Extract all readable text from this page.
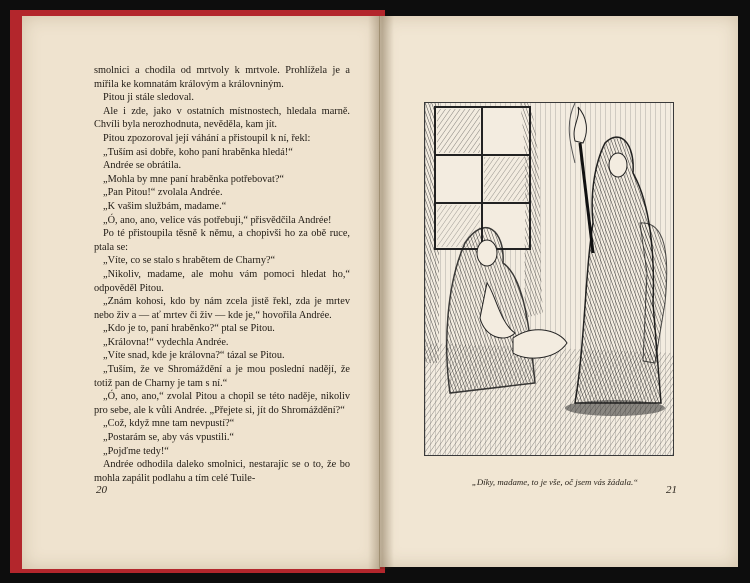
smolnici a chodila od mrtvoly k mrtvole. Prohlížela je a mířila ke komnatám královým a královniným.

Pitou ji stále sledoval.

Ale i zde, jako v ostatních místnostech, hledala marně. Chvíli byla nerozhodnuta, nevěděla, kam jít.

Pitou zpozoroval její váhání a přistoupil k ní, řekl:

„Tuším asi dobře, koho paní hraběnka hledá!“

Andrée se obrátila.

„Mohla by mne paní hraběnka potřebovat?“

„Pan Pitou!“ zvolala Andrée.

„K vašim službám, madame.“

„Ó, ano, ano, velice vás potřebuji,“ přisvědčila Andrée!

Po té přistoupila těsně k němu, a chopivši ho za obě ruce, ptala se:

„Víte, co se stalo s hrabětem de Charny?“

„Nikoliv, madame, ale mohu vám pomoci hledat ho,“ odpověděl Pitou.

„Znám kohosi, kdo by nám zcela jistě řekl, zda je mrtev nebo živ a — ať mrtev či živ — kde je,“ hovořila Andrée.

„Kdo je to, paní hraběnko?“ ptal se Pitou.

„Královna!“ vydechla Andrée.

„Víte snad, kde je královna?“ tázal se Pitou.

„Tuším, že ve Shromáždění a je mou poslední nadějí, že totiž pan de Charny je tam s ní.“

„Ó, ano, ano,“ zvolal Pitou a chopil se této naděje, nikoliv pro sebe, ale k vůli Andrée. „Přejete si, jít do Shromáždění?“

„Což, když mne tam nevpustí?“

„Postarám se, aby vás vpustili.“

„Pojďme tedy!“

Andrée odhodila daleko smolnici, nestarajíc se o to, že bo mohla zapálit podlahu a tím celé Tuile-

20
„Díky, madame, to je vše, oč jsem vás žádala.“
21
